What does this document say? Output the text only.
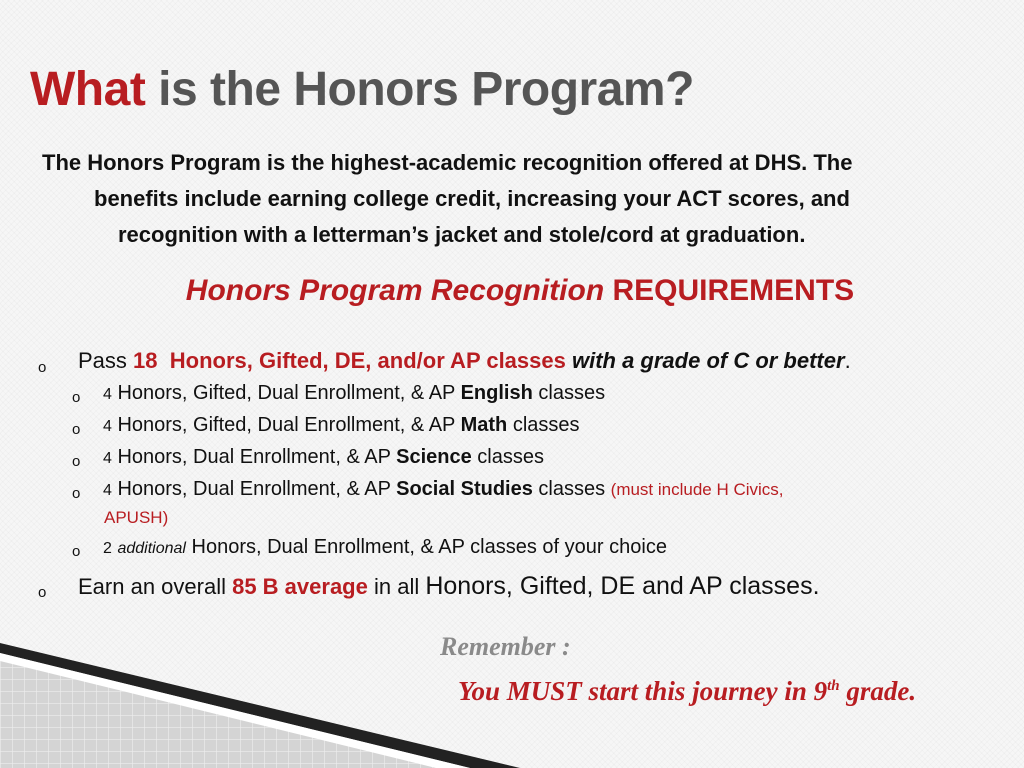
What is the Honors Program?
The Honors Program is the highest-academic recognition offered at DHS. The
benefits include earning college credit, increasing your ACT scores, and
recognition with a letterman’s jacket and stole/cord at graduation.
Honors Program Recognition REQUIREMENTS
o Pass 18 Honors, Gifted, DE, and/or AP classes with a grade of C or better.
o 4 Honors, Gifted, Dual Enrollment, & AP English classes
o 4 Honors, Gifted, Dual Enrollment, & AP Math classes
o 4 Honors, Dual Enrollment, & AP Science classes
o 4 Honors, Dual Enrollment, & AP Social Studies classes (must include H Civics,
APUSH)
o 2 additional Honors, Dual Enrollment, & AP classes of your choice
o Earn an overall 85 B average in all Honors, Gifted, DE and AP classes.
Remember :
You MUST start this journey in 9th grade.
